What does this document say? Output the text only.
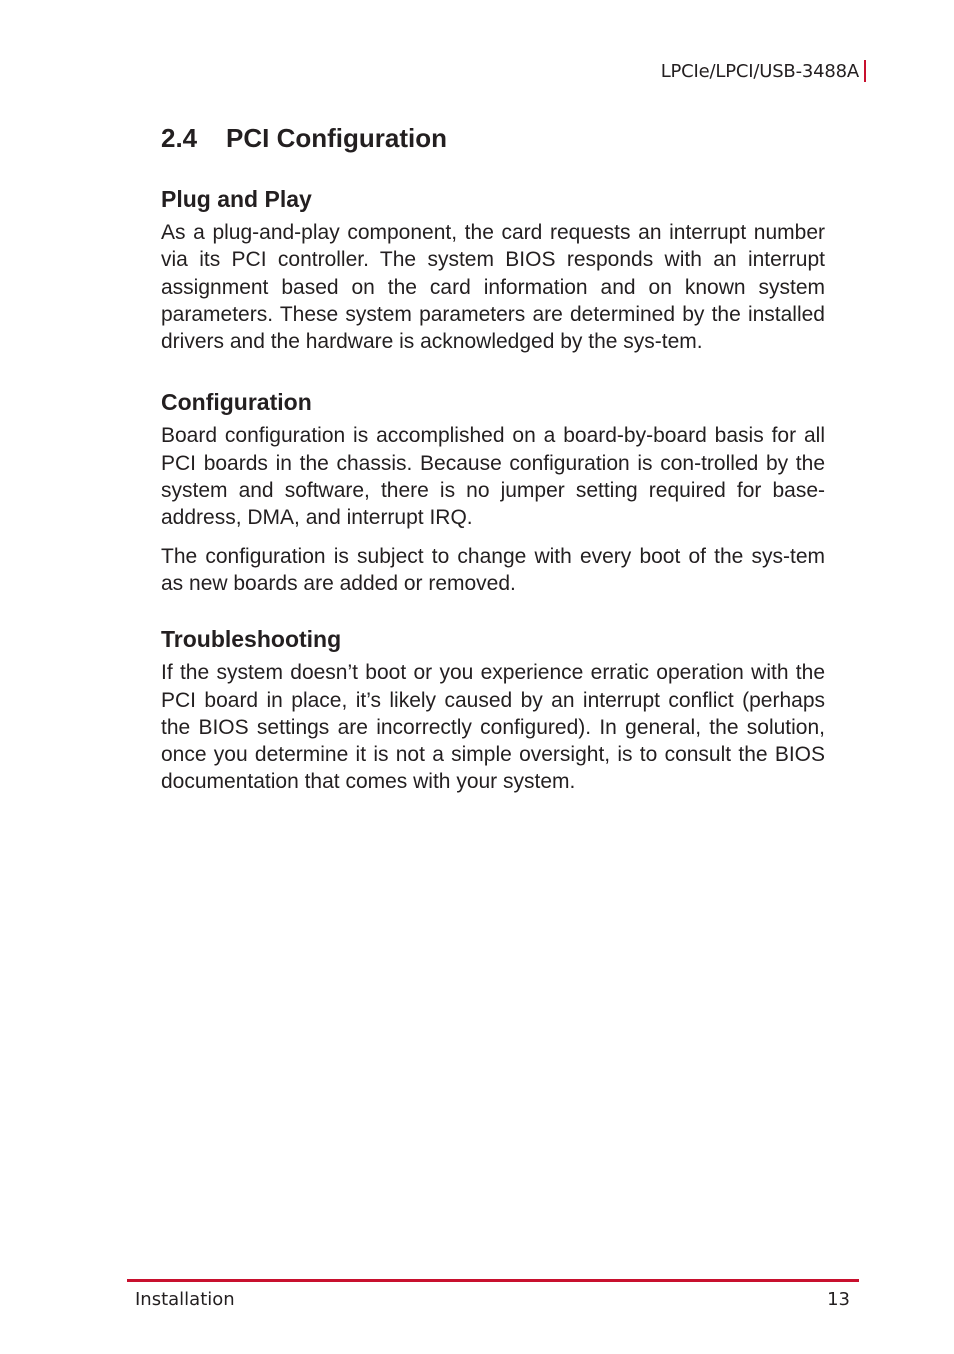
LPCIe/LPCI/USB-3488A
2.4	PCI Configuration
Plug and Play

As a plug-and-play component, the card requests an interrupt number via its PCI controller. The system BIOS responds with an interrupt assignment based on the card information and on known system parameters. These system parameters are determined by the installed drivers and the hardware is acknowledged by the sys-tem.

Configuration

Board configuration is accomplished on a board-by-board basis for all PCI boards in the chassis. Because configuration is con-trolled by the system and software, there is no jumper setting required for base-address, DMA, and interrupt IRQ.

The configuration is subject to change with every boot of the sys-tem as new boards are added or removed.

Troubleshooting

If the system doesn’t boot or you experience erratic operation with the PCI board in place, it’s likely caused by an interrupt conflict (perhaps the BIOS settings are incorrectly configured). In general, the solution, once you determine it is not a simple oversight, is to consult the BIOS documentation that comes with your system.

Installation	13
